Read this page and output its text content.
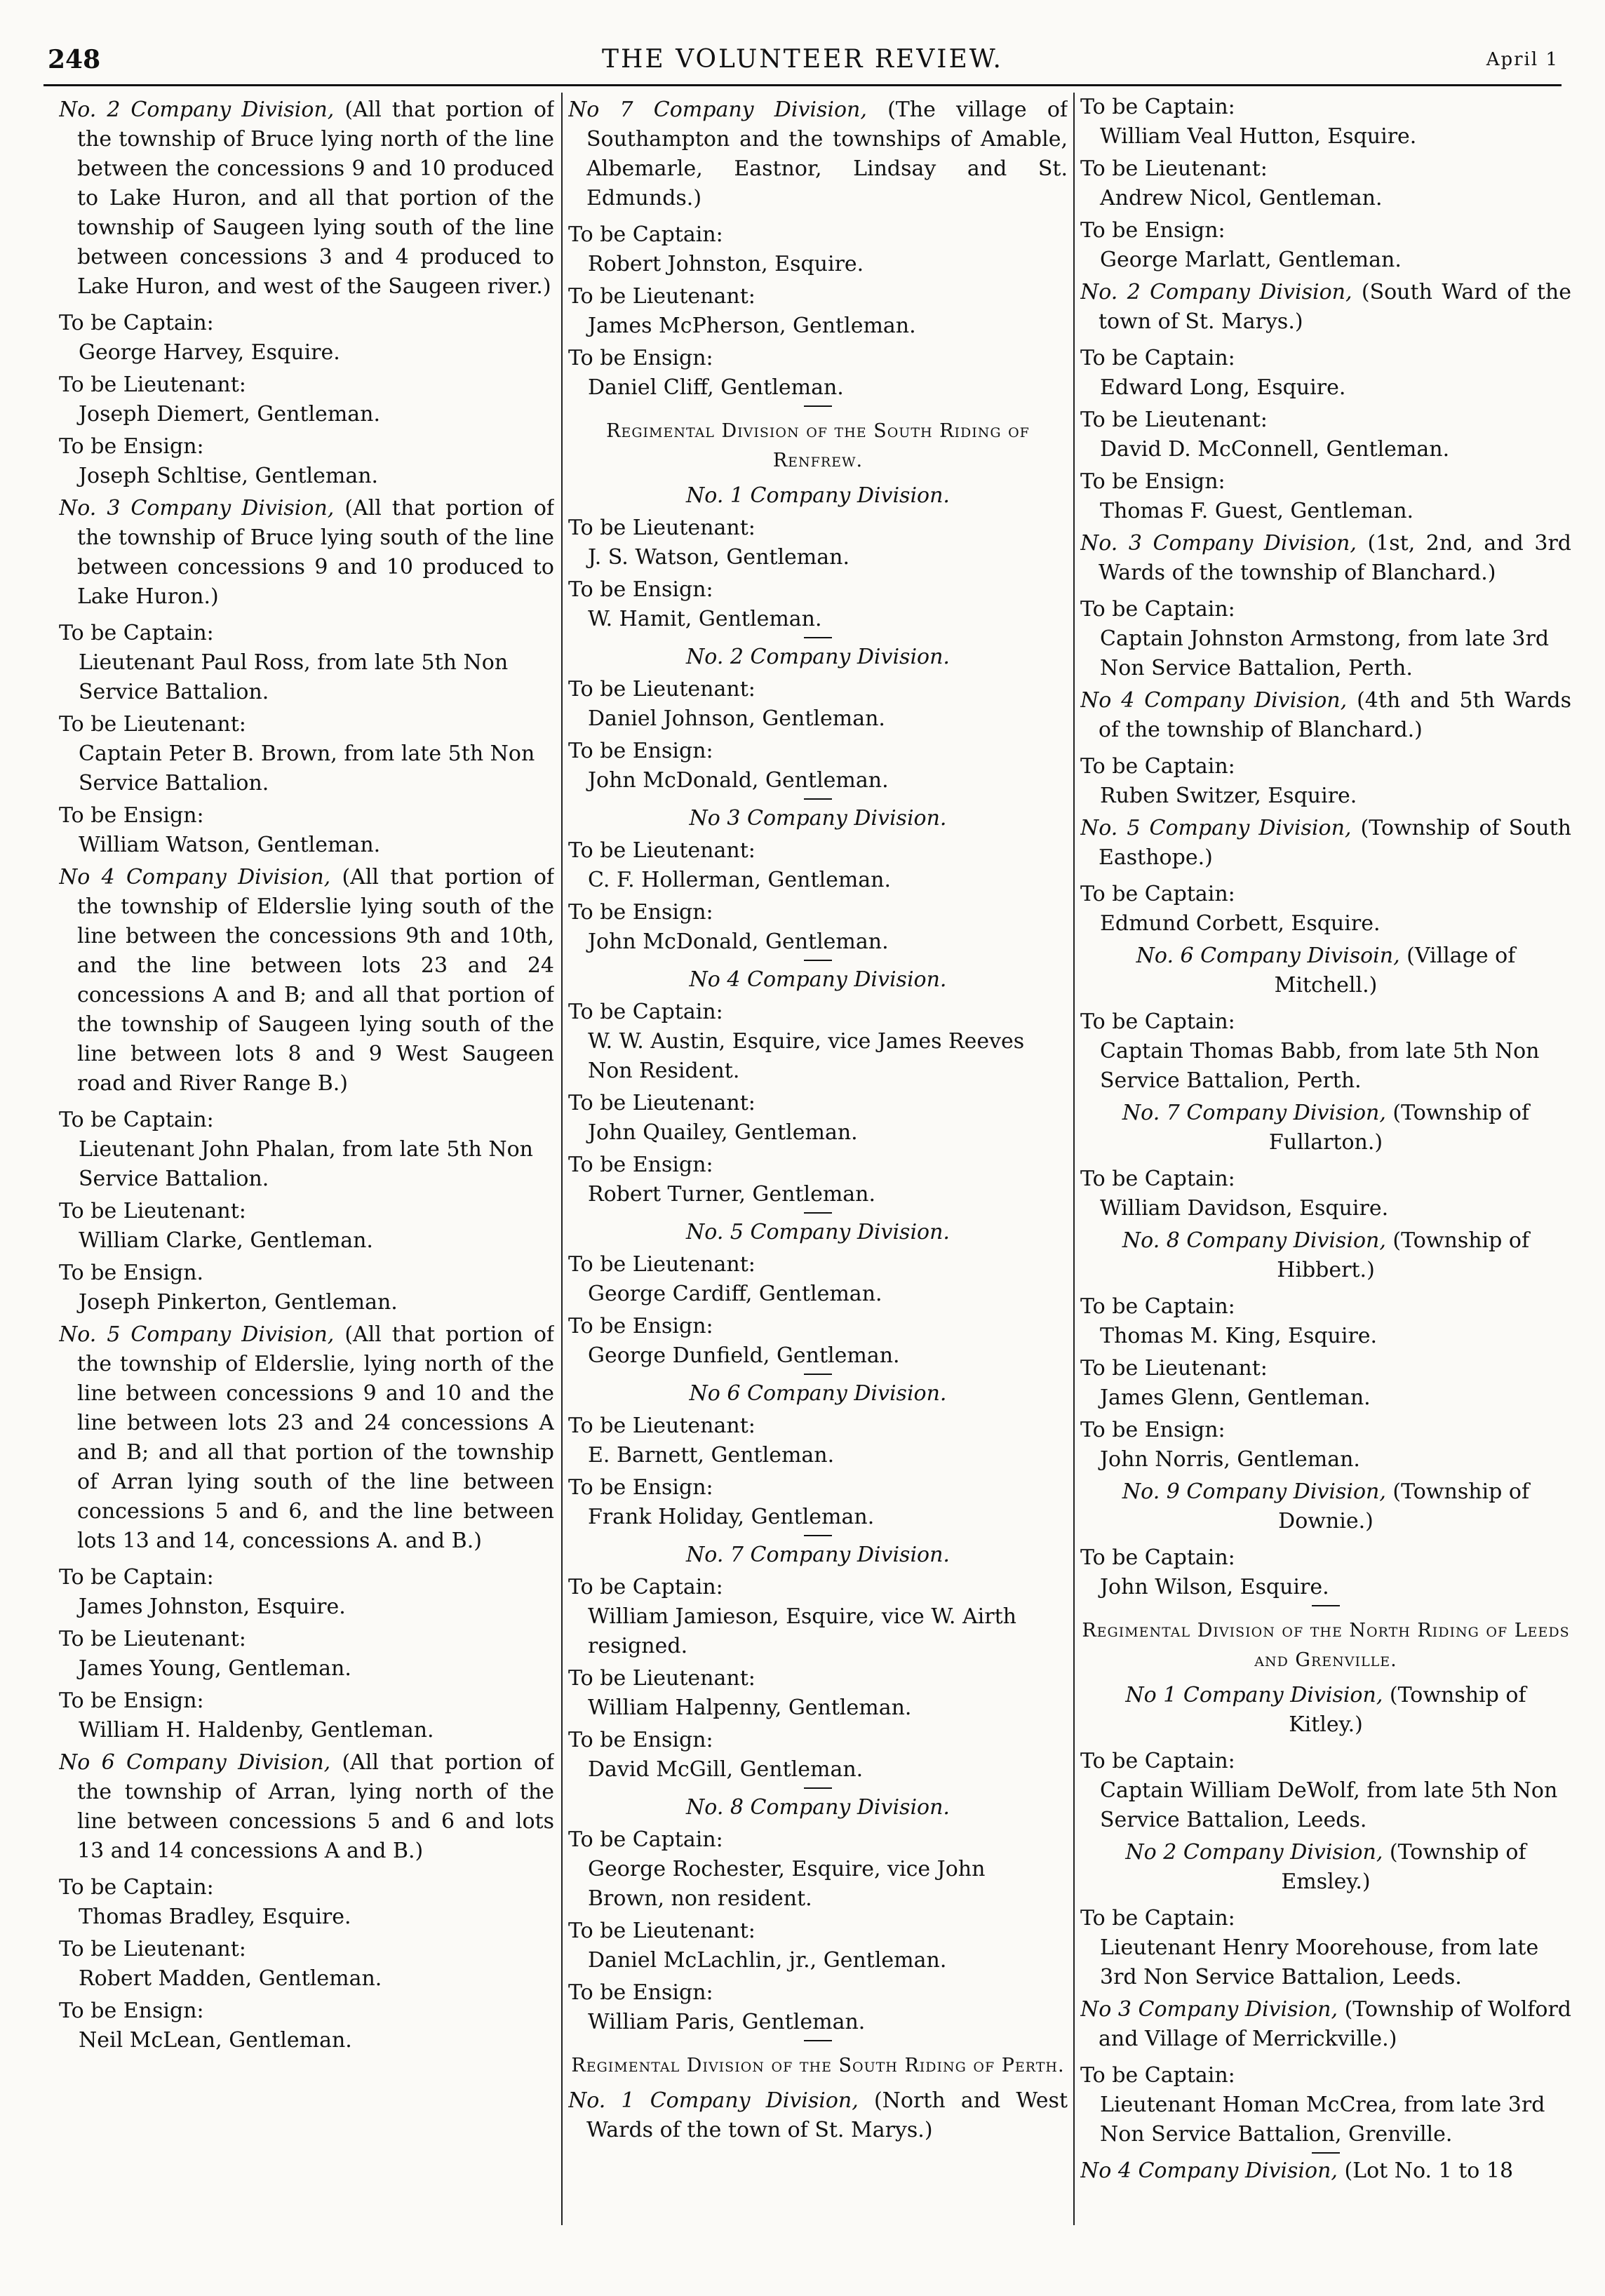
248	THE VOLUNTEER REVIEW.	April 1
No. 2 Company Division, (All that portion of the township of Bruce lying north of the line between the concessions 9 and 10 produced to Lake Huron, and all that portion of the township of Saugeen lying south of the line between concessions 3 and 4 produced to Lake Huron, and west of the Saugeen river.)
To be Captain:
George Harvey, Esquire.
To be Lieutenant:
Joseph Diemert, Gentleman.
To be Ensign:
Joseph Schltise, Gentleman.
No. 3 Company Division, (All that portion of the township of Bruce lying south of the line between concessions 9 and 10 produced to Lake Huron.)
To be Captain:
Lieutenant Paul Ross, from late 5th Non Service Battalion.
To be Lieutenant:
Captain Peter B. Brown, from late 5th Non Service Battalion.
To be Ensign:
William Watson, Gentleman.
No 4 Company Division, (All that portion of the township of Elderslie lying south of the line between the concessions 9th and 10th, and the line between lots 23 and 24 concessions A and B; and all that portion of the township of Saugeen lying south of the line between lots 8 and 9 West Saugeen road and River Range B.)
To be Captain:
Lieutenant John Phalan, from late 5th Non Service Battalion.
To be Lieutenant:
William Clarke, Gentleman.
To be Ensign.
Joseph Pinkerton, Gentleman.
No. 5 Company Division, (All that portion of the township of Elderslie, lying north of the line between concessions 9 and 10 and the line between lots 23 and 24 concessions A and B; and all that portion of the township of Arran lying south of the line between concessions 5 and 6, and the line between lots 13 and 14, concessions A. and B.)
To be Captain:
James Johnston, Esquire.
To be Lieutenant:
James Young, Gentleman.
To be Ensign:
William H. Haldenby, Gentleman.
No 6 Company Division, (All that portion of the township of Arran, lying north of the line between concessions 5 and 6 and lots 13 and 14 concessions A and B.)
To be Captain:
Thomas Bradley, Esquire.
To be Lieutenant:
Robert Madden, Gentleman.
To be Ensign:
Neil McLean, Gentleman.
No 7 Company Division, (The village of Southampton and the townships of Amable, Albemarle, Eastnor, Lindsay and St. Edmunds.)
To be Captain:
Robert Johnston, Esquire.
To be Lieutenant:
James McPherson, Gentleman.
To be Ensign:
Daniel Cliff, Gentleman.
Regimental Division of the South Riding of Renfrew.
No. 1 Company Division.
To be Lieutenant:
J. S. Watson, Gentleman.
To be Ensign:
W. Hamit, Gentleman.
No. 2 Company Division.
To be Lieutenant:
Daniel Johnson, Gentleman.
To be Ensign:
John McDonald, Gentleman.
No 3 Company Division.
To be Lieutenant:
C. F. Hollerman, Gentleman.
To be Ensign:
John McDonald, Gentleman.
No 4 Company Division.
To be Captain:
W. W. Austin, Esquire, vice James Reeves Non Resident.
To be Lieutenant:
John Quailey, Gentleman.
To be Ensign:
Robert Turner, Gentleman.
No. 5 Company Division.
To be Lieutenant:
George Cardiff, Gentleman.
To be Ensign:
George Dunfield, Gentleman.
No 6 Company Division.
To be Lieutenant:
E. Barnett, Gentleman.
To be Ensign:
Frank Holiday, Gentleman.
No. 7 Company Division.
To be Captain:
William Jamieson, Esquire, vice W. Airth resigned.
To be Lieutenant:
William Halpenny, Gentleman.
To be Ensign:
David McGill, Gentleman.
No. 8 Company Division.
To be Captain:
George Rochester, Esquire, vice John Brown, non resident.
To be Lieutenant:
Daniel McLachlin, jr., Gentleman.
To be Ensign:
William Paris, Gentleman.
Regimental Division of the South Riding of Perth.
No. 1 Company Division, (North and West Wards of the town of St. Marys.)
To be Captain:
William Veal Hutton, Esquire.
To be Lieutenant:
Andrew Nicol, Gentleman.
To be Ensign:
George Marlatt, Gentleman.
No. 2 Company Division, (South Ward of the town of St. Marys.)
To be Captain:
Edward Long, Esquire.
To be Lieutenant:
David D. McConnell, Gentleman.
To be Ensign:
Thomas F. Guest, Gentleman.
No. 3 Company Division, (1st, 2nd, and 3rd Wards of the township of Blanchard.)
To be Captain:
Captain Johnston Armstong, from late 3rd Non Service Battalion, Perth.
No 4 Company Division, (4th and 5th Wards of the township of Blanchard.)
To be Captain:
Ruben Switzer, Esquire.
No. 5 Company Division, (Township of South Easthope.)
To be Captain:
Edmund Corbett, Esquire.
No. 6 Company Divisoin, (Village of Mitchell.)
To be Captain:
Captain Thomas Babb, from late 5th Non Service Battalion, Perth.
No. 7 Company Division, (Township of Fullarton.)
To be Captain:
William Davidson, Esquire.
No. 8 Company Division, (Township of Hibbert.)
To be Captain:
Thomas M. King, Esquire.
To be Lieutenant:
James Glenn, Gentleman.
To be Ensign:
John Norris, Gentleman.
No. 9 Company Division, (Township of Downie.)
To be Captain:
John Wilson, Esquire.
Regimental Division of the North Riding of Leeds and Grenville.
No 1 Company Division, (Township of Kitley.)
To be Captain:
Captain William DeWolf, from late 5th Non Service Battalion, Leeds.
No 2 Company Division, (Township of Emsley.)
To be Captain:
Lieutenant Henry Moorehouse, from late 3rd Non Service Battalion, Leeds.
No 3 Company Division, (Township of Wolford and Village of Merrickville.)
To be Captain:
Lieutenant Homan McCrea, from late 3rd Non Service Battalion, Grenville.
No 4 Company Division, (Lot No. 1 to 18
